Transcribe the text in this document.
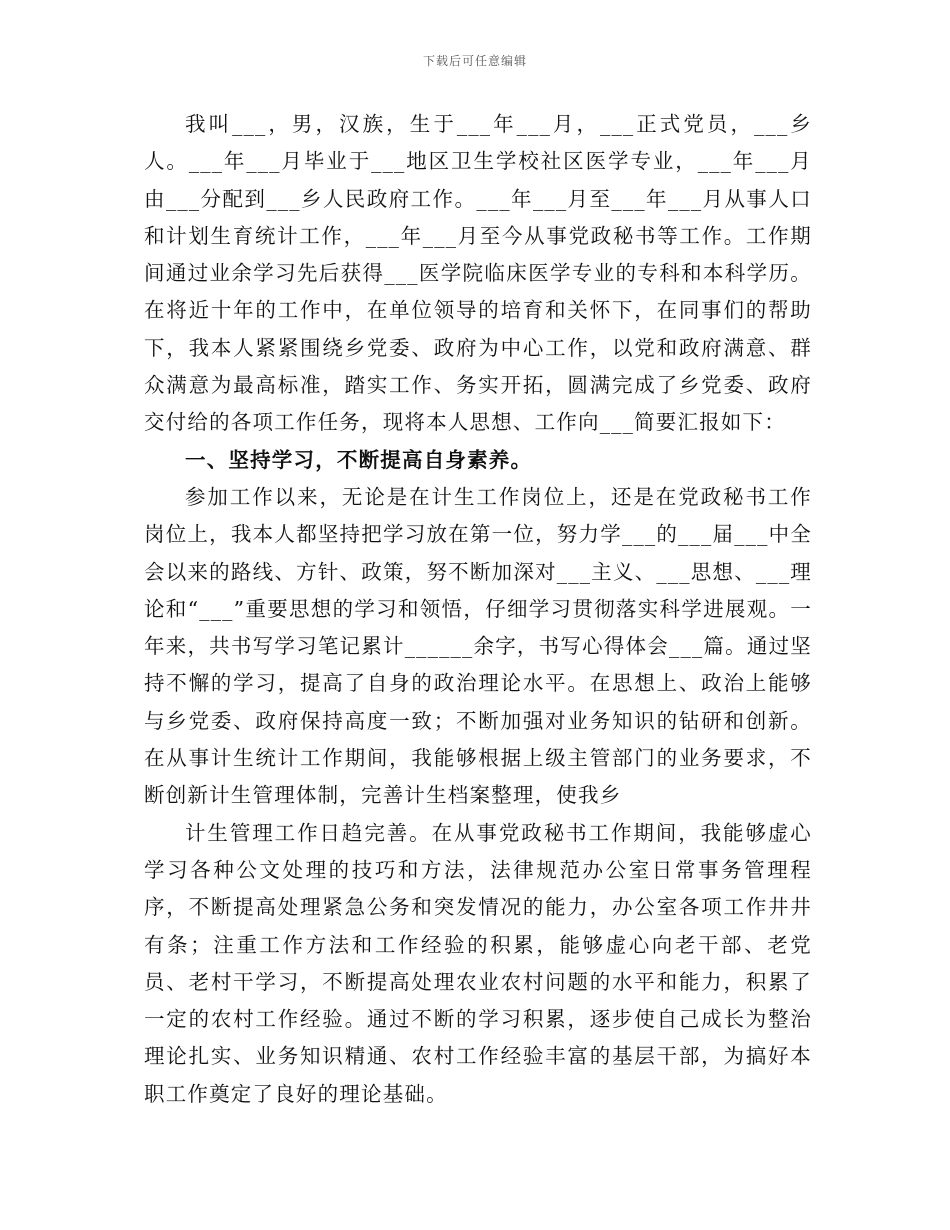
下载后可任意编辑

我叫___，男，汉族，生于___年___月，___正式党员，___乡人。___年___月毕业于___地区卫生学校社区医学专业，___年___月由___分配到___乡人民政府工作。___年___月至___年___月从事人口和计划生育统计工作，___年___月至今从事党政秘书等工作。工作期间通过业余学习先后获得___医学院临床医学专业的专科和本科学历。在将近十年的工作中，在单位领导的培育和关怀下，在同事们的帮助下，我本人紧紧围绕乡党委、政府为中心工作，以党和政府满意、群众满意为最高标准，踏实工作、务实开拓，圆满完成了乡党委、政府交付给的各项工作任务，现将本人思想、工作向___简要汇报如下：

一、坚持学习，不断提高自身素养。

参加工作以来，无论是在计生工作岗位上，还是在党政秘书工作岗位上，我本人都坚持把学习放在第一位，努力学___的___届___中全会以来的路线、方针、政策，努不断加深对___主义、___思想、___理论和“___”重要思想的学习和领悟，仔细学习贯彻落实科学进展观。一年来，共书写学习笔记累计______余字，书写心得体会___篇。通过坚持不懈的学习，提高了自身的政治理论水平。在思想上、政治上能够与乡党委、政府保持高度一致；不断加强对业务知识的钻研和创新。在从事计生统计工作期间，我能够根据上级主管部门的业务要求，不断创新计生管理体制，完善计生档案整理，使我乡

计生管理工作日趋完善。在从事党政秘书工作期间，我能够虚心学习各种公文处理的技巧和方法，法律规范办公室日常事务管理程序，不断提高处理紧急公务和突发情况的能力，办公室各项工作井井有条；注重工作方法和工作经验的积累，能够虚心向老干部、老党员、老村干学习，不断提高处理农业农村问题的水平和能力，积累了一定的农村工作经验。通过不断的学习积累，逐步使自己成长为整治理论扎实、业务知识精通、农村工作经验丰富的基层干部，为搞好本职工作奠定了良好的理论基础。
